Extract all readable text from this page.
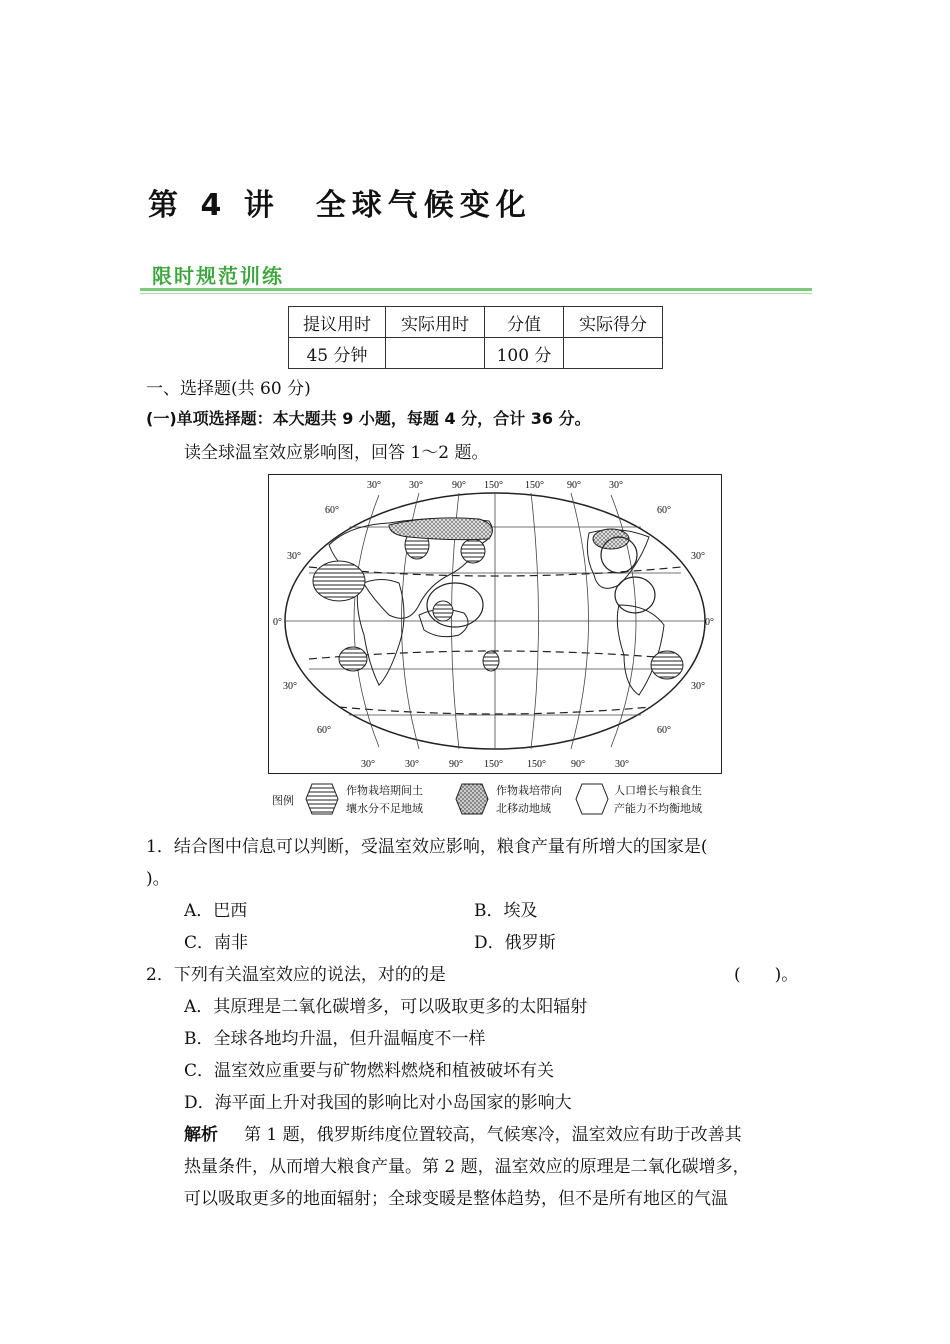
第 4 讲　全球气候变化
限时规范训练
提议用时	实际用时	分值	实际得分
45 分钟		100 分	
一、选择题(共 60 分)
(一)单项选择题：本大题共 9 小题，每题 4 分，合计 36 分。
读全球温室效应影响图，回答 1～2 题。
30°	30°	90° 150° 150° 90°	30°
30°	30°	90° 150° 150°	90°	30°
60°
30°
0°
30°
60°
60°
30°
0°
30°
60°
图例
作物栽培期间土
壤水分不足地域
作物栽培带向
北移动地域
人口增长与粮食生
产能力不均衡地域
1．结合图中信息可以判断，受温室效应影响，粮食产量有所增大的国家是(
)。
A．巴西	B．埃及
C．南非	D．俄罗斯
2．下列有关温室效应的说法，对的的是	(　　)。
A．其原理是二氧化碳增多，可以吸取更多的太阳辐射
B．全球各地均升温，但升温幅度不一样
C．温室效应重要与矿物燃料燃烧和植被破坏有关
D．海平面上升对我国的影响比对小岛国家的影响大
解析 第 1 题，俄罗斯纬度位置较高，气候寒冷，温室效应有助于改善其
热量条件，从而增大粮食产量。第 2 题，温室效应的原理是二氧化碳增多，
可以吸取更多的地面辐射；全球变暖是整体趋势，但不是所有地区的气温
